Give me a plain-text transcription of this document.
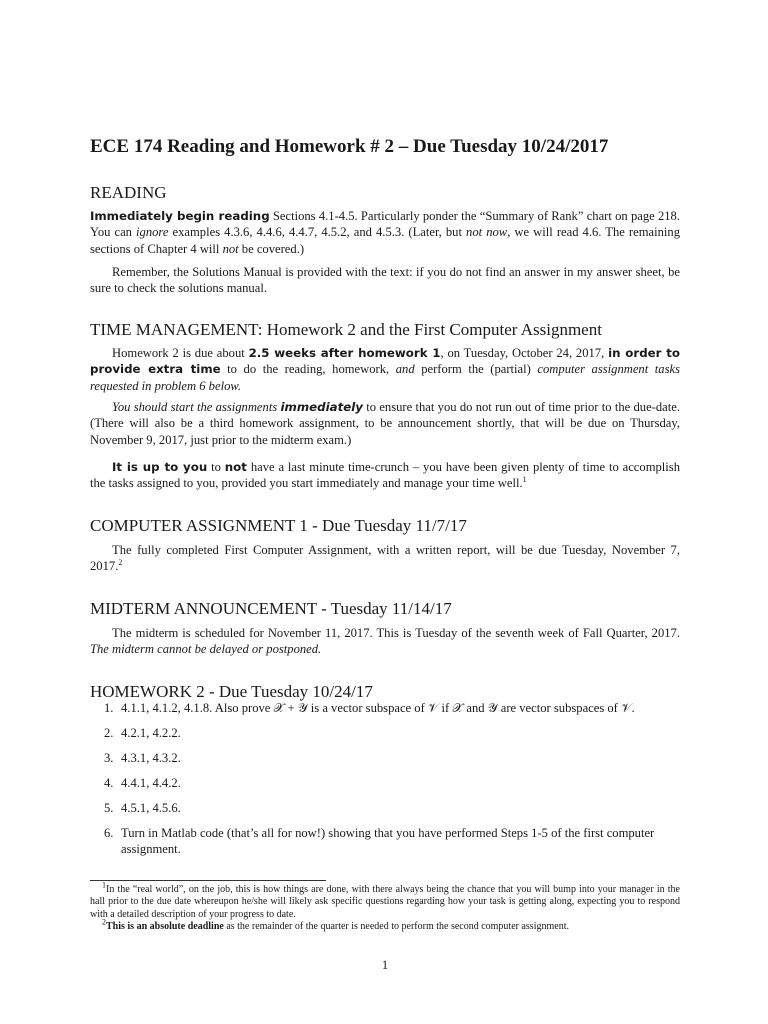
ECE 174 Reading and Homework # 2 – Due Tuesday 10/24/2017
READING
Immediately begin reading Sections 4.1-4.5. Particularly ponder the “Summary of Rank” chart on page 218. You can ignore examples 4.3.6, 4.4.6, 4.4.7, 4.5.2, and 4.5.3. (Later, but not now, we will read 4.6. The remaining sections of Chapter 4 will not be covered.)
Remember, the Solutions Manual is provided with the text: if you do not find an answer in my answer sheet, be sure to check the solutions manual.
TIME MANAGEMENT: Homework 2 and the First Computer Assignment
Homework 2 is due about 2.5 weeks after homework 1, on Tuesday, October 24, 2017, in order to provide extra time to do the reading, homework, and perform the (partial) computer assignment tasks requested in problem 6 below.
You should start the assignments immediately to ensure that you do not run out of time prior to the due-date. (There will also be a third homework assignment, to be announcement shortly, that will be due on Thursday, November 9, 2017, just prior to the midterm exam.)
It is up to you to not have a last minute time-crunch – you have been given plenty of time to accomplish the tasks assigned to you, provided you start immediately and manage your time well.$^1$
COMPUTER ASSIGNMENT 1 - Due Tuesday 11/7/17
The fully completed First Computer Assignment, with a written report, will be due Tuesday, November 7, 2017.$^2$
MIDTERM ANNOUNCEMENT - Tuesday 11/14/17
The midterm is scheduled for November 11, 2017. This is Tuesday of the seventh week of Fall Quarter, 2017. The midterm cannot be delayed or postponed.
HOMEWORK 2 - Due Tuesday 10/24/17
1. 4.1.1, 4.1.2, 4.1.8. Also prove 𝒳 + 𝒴 is a vector subspace of 𝒱 if 𝒳 and 𝒴 are vector subspaces of 𝒱.
2. 4.2.1, 4.2.2.
3. 4.3.1, 4.3.2.
4. 4.4.1, 4.4.2.
5. 4.5.1, 4.5.6.
6. Turn in Matlab code (that’s all for now!) showing that you have performed Steps 1-5 of the first computer assignment.
$^1$In the “real world”, on the job, this is how things are done, with there always being the chance that you will bump into your manager in the hall prior to the due date whereupon he/she will likely ask specific questions regarding how your task is getting along, expecting you to respond with a detailed description of your progress to date.
$^2$This is an absolute deadline as the remainder of the quarter is needed to perform the second computer assignment.
1
